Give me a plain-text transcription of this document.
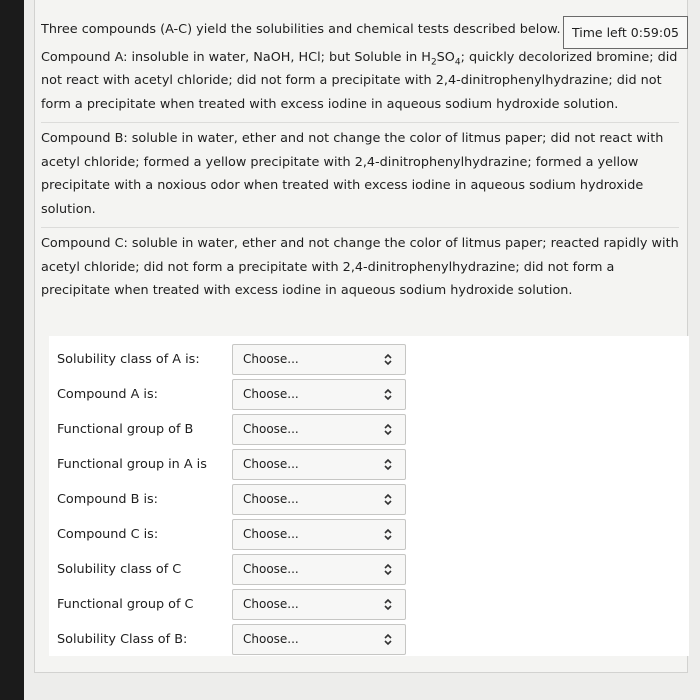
Three compounds (A-C) yield the solubilities and chemical tests described below.

Compound A: insoluble in water, NaOH, HCl; but Soluble in $H_2SO_4$; quickly decolorized bromine; did not react with acetyl chloride; did not form a precipitate with 2,4-dinitrophenylhydrazine; did not form a precipitate when treated with excess iodine in aqueous sodium hydroxide solution.

Compound B: soluble in water, ether and not change the color of litmus paper; did not react with acetyl chloride; formed a yellow precipitate with 2,4-dinitrophenylhydrazine; formed a yellow precipitate with a noxious odor when treated with excess iodine in aqueous sodium hydroxide solution.

Compound C: soluble in water, ether and not change the color of litmus paper; reacted rapidly with acetyl chloride; did not form a precipitate with 2,4-dinitrophenylhydrazine; did not form a precipitate when treated with excess iodine in aqueous sodium hydroxide solution.

Time left 0:59:05
Solubility class of A is:	Choose...
Compound A is:	Choose...
Functional group of B	Choose...
Functional group in A is	Choose...
Compound B is:	Choose...
Compound C is:	Choose...
Solubility class of C	Choose...
Functional group of C	Choose...
Solubility Class of B:	Choose...
